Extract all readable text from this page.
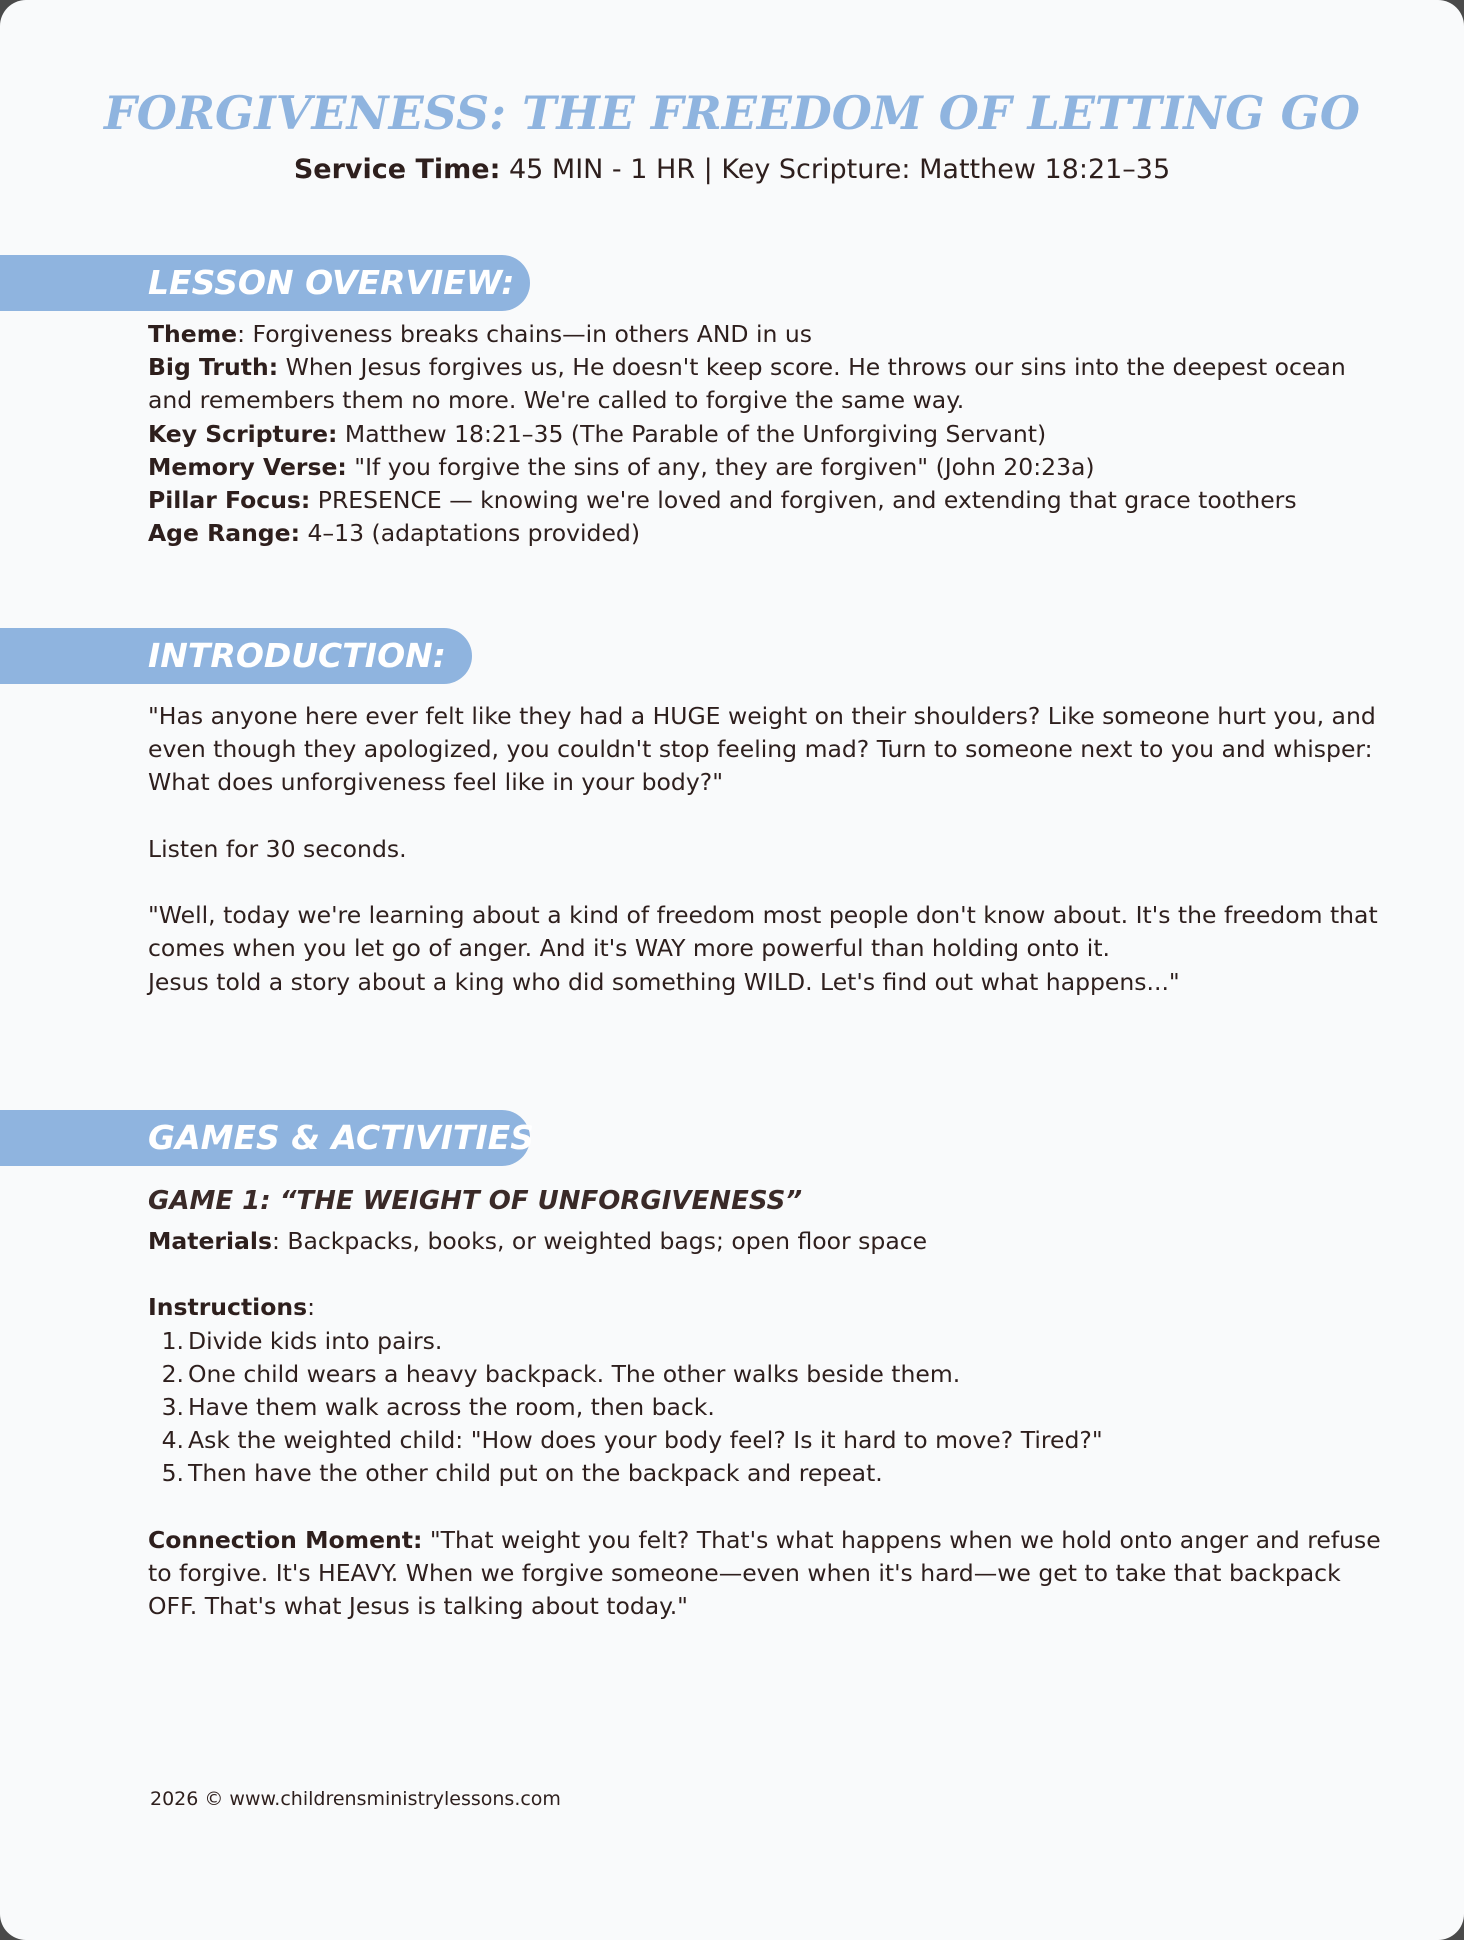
FORGIVENESS: THE FREEDOM OF LETTING GO
Service Time: 45 MIN - 1 HR | Key Scripture: Matthew 18:21–35
LESSON OVERVIEW:

Theme: Forgiveness breaks chains—in others AND in us

Big Truth: When Jesus forgives us, He doesn't keep score. He throws our sins into the deepest ocean and remembers them no more. We're called to forgive the same way.

Key Scripture: Matthew 18:21–35 (The Parable of the Unforgiving Servant)

Memory Verse: "If you forgive the sins of any, they are forgiven" (John 20:23a)

Pillar Focus: PRESENCE — knowing we're loved and forgiven, and extending that grace toothers

Age Range: 4–13 (adaptations provided)

INTRODUCTION:

"Has anyone here ever felt like they had a HUGE weight on their shoulders? Like someone hurt you, and even though they apologized, you couldn't stop feeling mad? Turn to someone next to you and whisper: What does unforgiveness feel like in your body?"

Listen for 30 seconds.

"Well, today we're learning about a kind of freedom most people don't know about. It's the freedom that comes when you let go of anger. And it's WAY more powerful than holding onto it.

Jesus told a story about a king who did something WILD. Let's find out what happens..."

GAMES & ACTIVITIES
GAME 1: “THE WEIGHT OF UNFORGIVENESS”

Materials: Backpacks, books, or weighted bags; open floor space

Instructions:

1. Divide kids into pairs.
2. One child wears a heavy backpack. The other walks beside them.
3. Have them walk across the room, then back.
4. Ask the weighted child: "How does your body feel? Is it hard to move? Tired?"
5. Then have the other child put on the backpack and repeat.

Connection Moment: "That weight you felt? That's what happens when we hold onto anger and refuse to forgive. It's HEAVY. When we forgive someone—even when it's hard—we get to take that backpack OFF. That's what Jesus is talking about today."

2026 © www.childrensministrylessons.com
